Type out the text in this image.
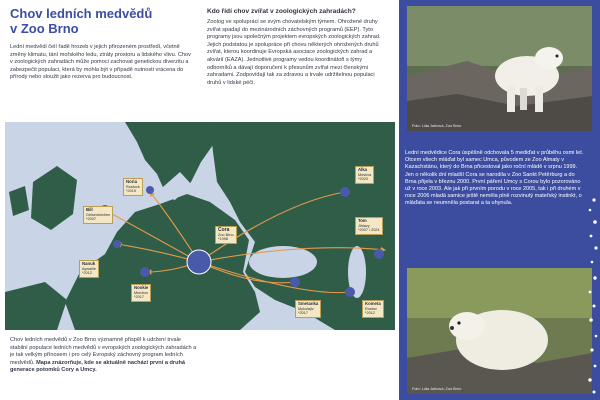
Chov ledních medvědů
v Zoo Brno

Lední medvědi čelí řadě hrozeb v jejich přirozeném prostředí, včetně změny klimatu, tání mořského ledu, ztráty prostoru a lidského vlivu. Chov v zoologických zahradách může pomoci zachovat genetickou diverzitu a zabezpečit populaci, která by mohla být v případě nutnosti vrácena do přírody nebo sloužit jako rezerva pro budoucnost.

Kdo řídí chov zvířat v zoologických zahradách?

Zoolog ve spolupráci se svým chovatelským týmem. Ohrožené druhy zvířat spadají do mezinárodních záchovných programů (EEP). Tyto programy jsou společným projektem evropských zoologických zahrad. Jejich podstatou je spolupráce při chovu některých ohrožených druhů zvířat, kterou koordinuje Evropská asociace zoologických zahrad a akvárií (EAZA). Jednotlivé programy vedou koordinátoři s týmy odborníků a dávají doporučení k přesunům zvířat mezi členskými zahradami. Zodpovídají tak za zdravou a trvale udržitelnou populaci druhů v lidské péči.

Bill
Gelsenkirchen
*2007
Noria
Rostock
*2015
Nanuk
Aywaille
*2012
Nookie
Mnichov
*2017
Cora
Zoo Brno
*1998
Smetanka
Mykolajiv
*2017
Alka
Moskva
*2020
Tom
Jihlavy
*2007 / 2024
Kometa
Rostov
*2012

Chov ledních medvědů v Zoo Brno významně přispěl k udržení trvale stabilní populace ledních medvědů v evropských zoologických zahradách a je tak velkým přínosem i pro celý Evropský záchovný program ledních medvědů. Mapa znázorňuje, kde se aktuálně nachází první a druhá generace potomků Cory a Umcy.

Foto: Lída Jarková, Zoo Brno

Lední medvědice Cora úspěšně odchovala 5 mediďat v průběhu osmi let. Otcem všech mláďat byl samec Umca, původem ze Zoo Almaty v Kazachstánu, který do Brna přicestoval jako roční mládě v srpnu 1999. Jen o několik dní mladší Cora se narodila v Zoo Sankt Petěrburg a do Brna přijela v březnu 2000. První páření Umcy s Corou bylo pozorováno už v roce 2003. Ale jak při prvním porodu v roce 2005, tak i při druhém v roce 2006 mladá samice ještě neměla plně rozvinutý mateřský instinkt, o mláďata se neumněla postarat a ta uhynula.

Foto: Lída Jarková, Zoo Brno
